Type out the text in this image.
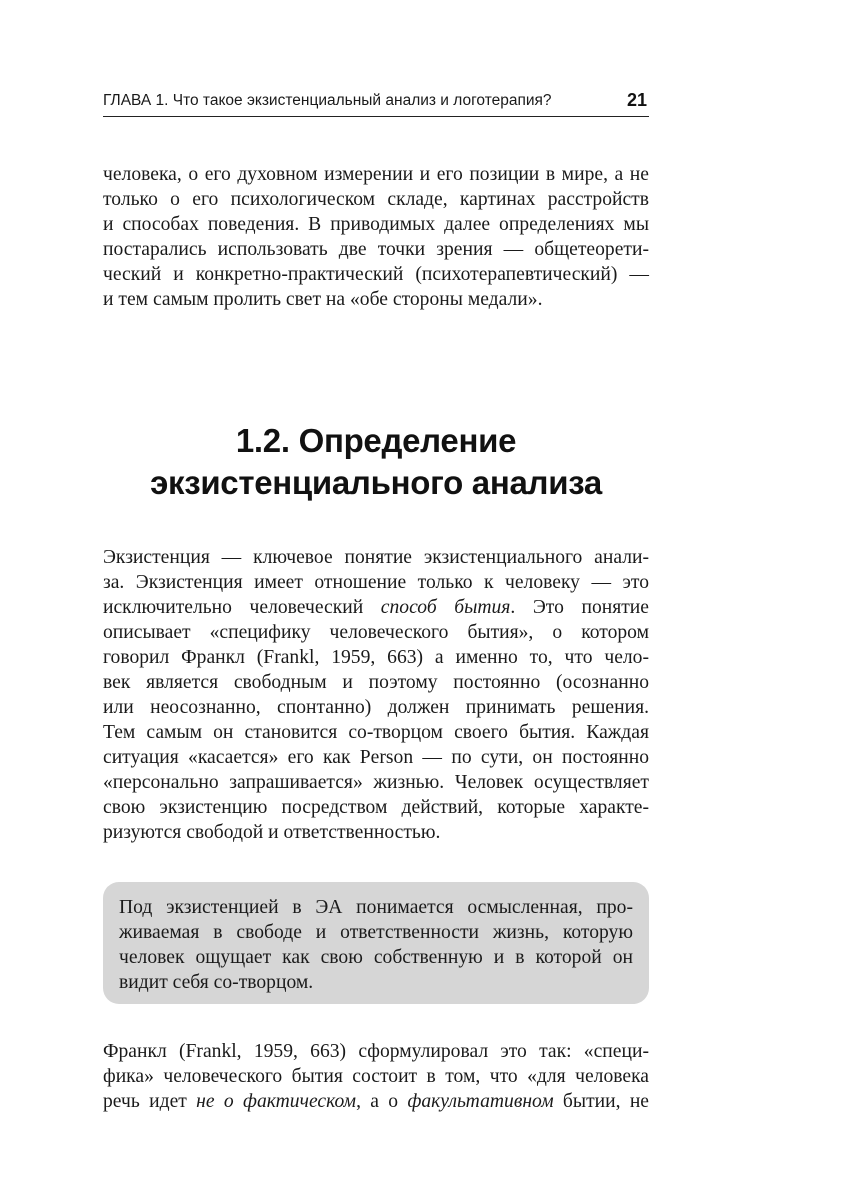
ГЛАВА 1. Что такое экзистенциальный анализ и логотерапия?	21
человека, о его духовном измерении и его позиции в мире, а не
только о его психологическом складе, картинах расстройств
и способах поведения. В приводимых далее определениях мы
постарались использовать две точки зрения — общетеорети-
ческий и конкретно-практический (психотерапевтический) —
и тем самым пролить свет на «обе стороны медали».
1.2. Определение
экзистенциального анализа
Экзистенция — ключевое понятие экзистенциального анали-
за. Экзистенция имеет отношение только к человеку — это
исключительно человеческий способ бытия. Это понятие
описывает «специфику человеческого бытия», о котором
говорил Франкл (Frankl, 1959, 663) а именно то, что чело-
век является свободным и поэтому постоянно (осознанно
или неосознанно, спонтанно) должен принимать решения.
Тем самым он становится со-творцом своего бытия. Каждая
ситуация «касается» его как Person — по сути, он постоянно
«персонально запрашивается» жизнью. Человек осуществляет
свою экзистенцию посредством действий, которые характе-
ризуются свободой и ответственностью.
Под экзистенцией в ЭА понимается осмысленная, про-
живаемая в свободе и ответственности жизнь, которую
человек ощущает как свою собственную и в которой он
видит себя со-творцом.
Франкл (Frankl, 1959, 663) сформулировал это так: «специ-
фика» человеческого бытия состоит в том, что «для человека
речь идет не о фактическом, а о факультативном бытии, не
